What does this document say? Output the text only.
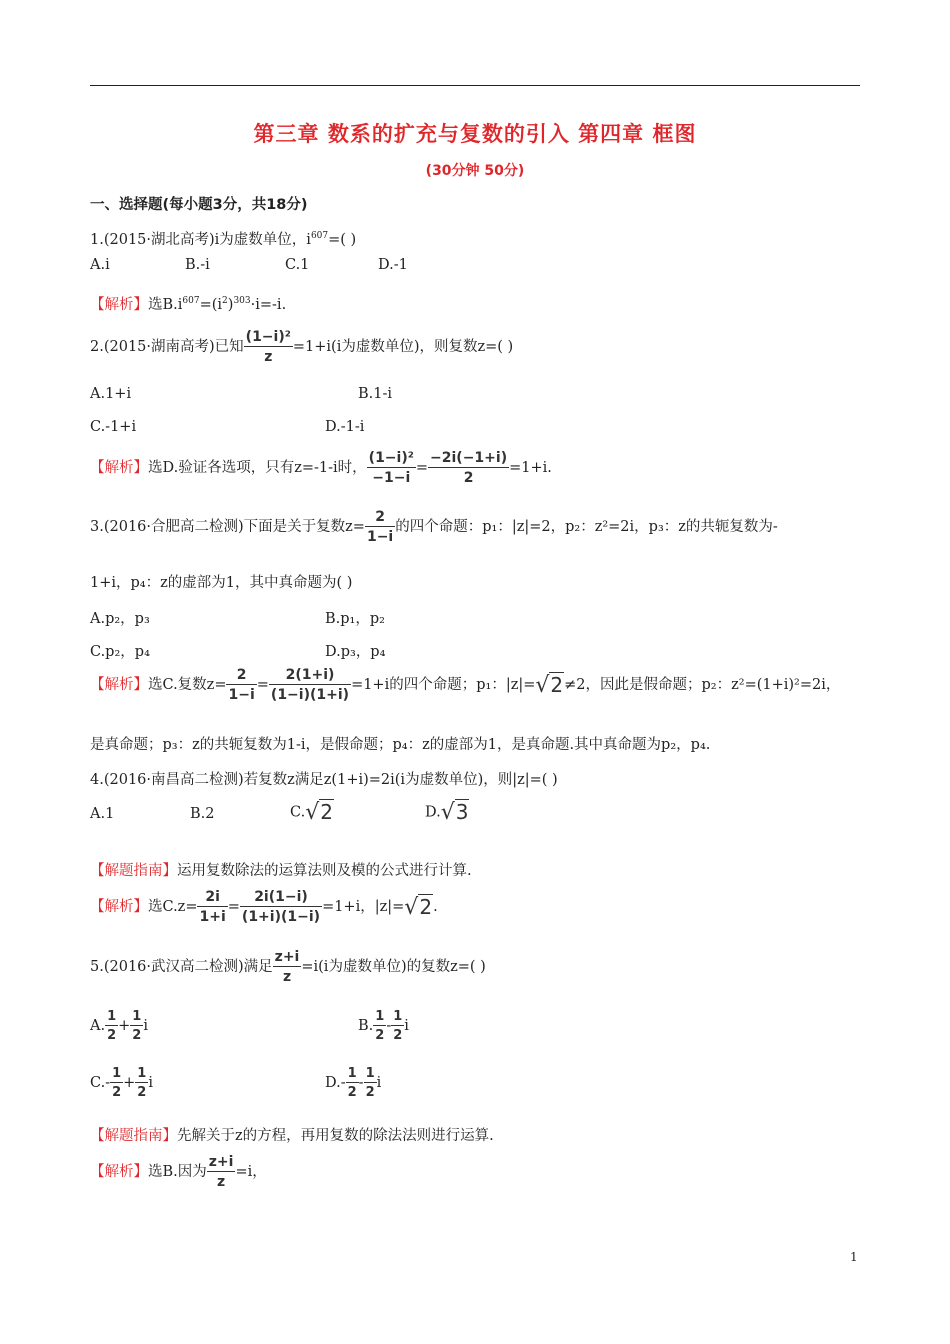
第三章 数系的扩充与复数的引入 第四章 框图
(30分钟 50分)
一、选择题(每小题3分，共18分)
1.(2015·湖北高考)i为虚数单位，$i^{607}=$( )
A.i	B.-i	C.1	D.-1
【解析】选$B.i^{607}=(i^2)^{303}\cdot i=-i$.
2.(2015·湖南高考)已知 $\frac{\text{(1−i)²}}{z} =1+i(i$为虚数单位)，则复数z=( )
A.1+i	B.1-i
C.-1+i	D.-1-i
【解析】选D.验证各选项，只有z=-1-i时， $\frac{\text{(1−i)²}}{-1-i} = \frac{-2i(-1+i)}{2} =1+i$.
3.(2016·合肥高二检测)下面是关于复数$z= \frac{2}{1-i}$ 的四个命题：p₁：|z|=2，p₂：z²=2i，p₃：z的共轭复数为-
1+i，p₄：z的虚部为1，其中真命题为( )
A.p₂，p₃	B.p₁，p₂
C.p₂，p₄	D.p₃，p₄
【解析】选C.复数$z= \frac{2}{1-i} = \frac{2(1+i)}{(1-i)(1+i)} =1+i$的四个命题；p₁：|z|=√2≠2，因此是假命题；p₂：z²=(1+i)²=2i，
是真命题；p₃：z的共轭复数为1-i，是假命题；p₄：z的虚部为1，是真命题.其中真命题为p₂，p₄.
4.(2016·南昌高二检测)若复数z满足z(1+i)=2i(i为虚数单位)，则|z|=( )
A.1	B.2	C.√2	D.√3
【解题指南】运用复数除法的运算法则及模的公式进行计算.
【解析】选$C.z= \frac{2i}{1+i} = \frac{2i(1-i)}{(1+i)(1-i)} =1+i$，|z|=√2.
5.(2016·武汉高二检测)满足 $\frac{z+i}{z} =i(i$为虚数单位)的复数z=( )
A. $\frac{1}{2} + \frac{1}{2}$ i	B. $\frac{1}{2} - \frac{1}{2}$ i
$C.- \frac{1}{2} + \frac{1}{2}$ i	$D.- \frac{1}{2} - \frac{1}{2}$ i
【解题指南】先解关于z的方程，再用复数的除法法则进行运算.
【解析】选B.因为 $\frac{z+i}{z} =i$，
1
